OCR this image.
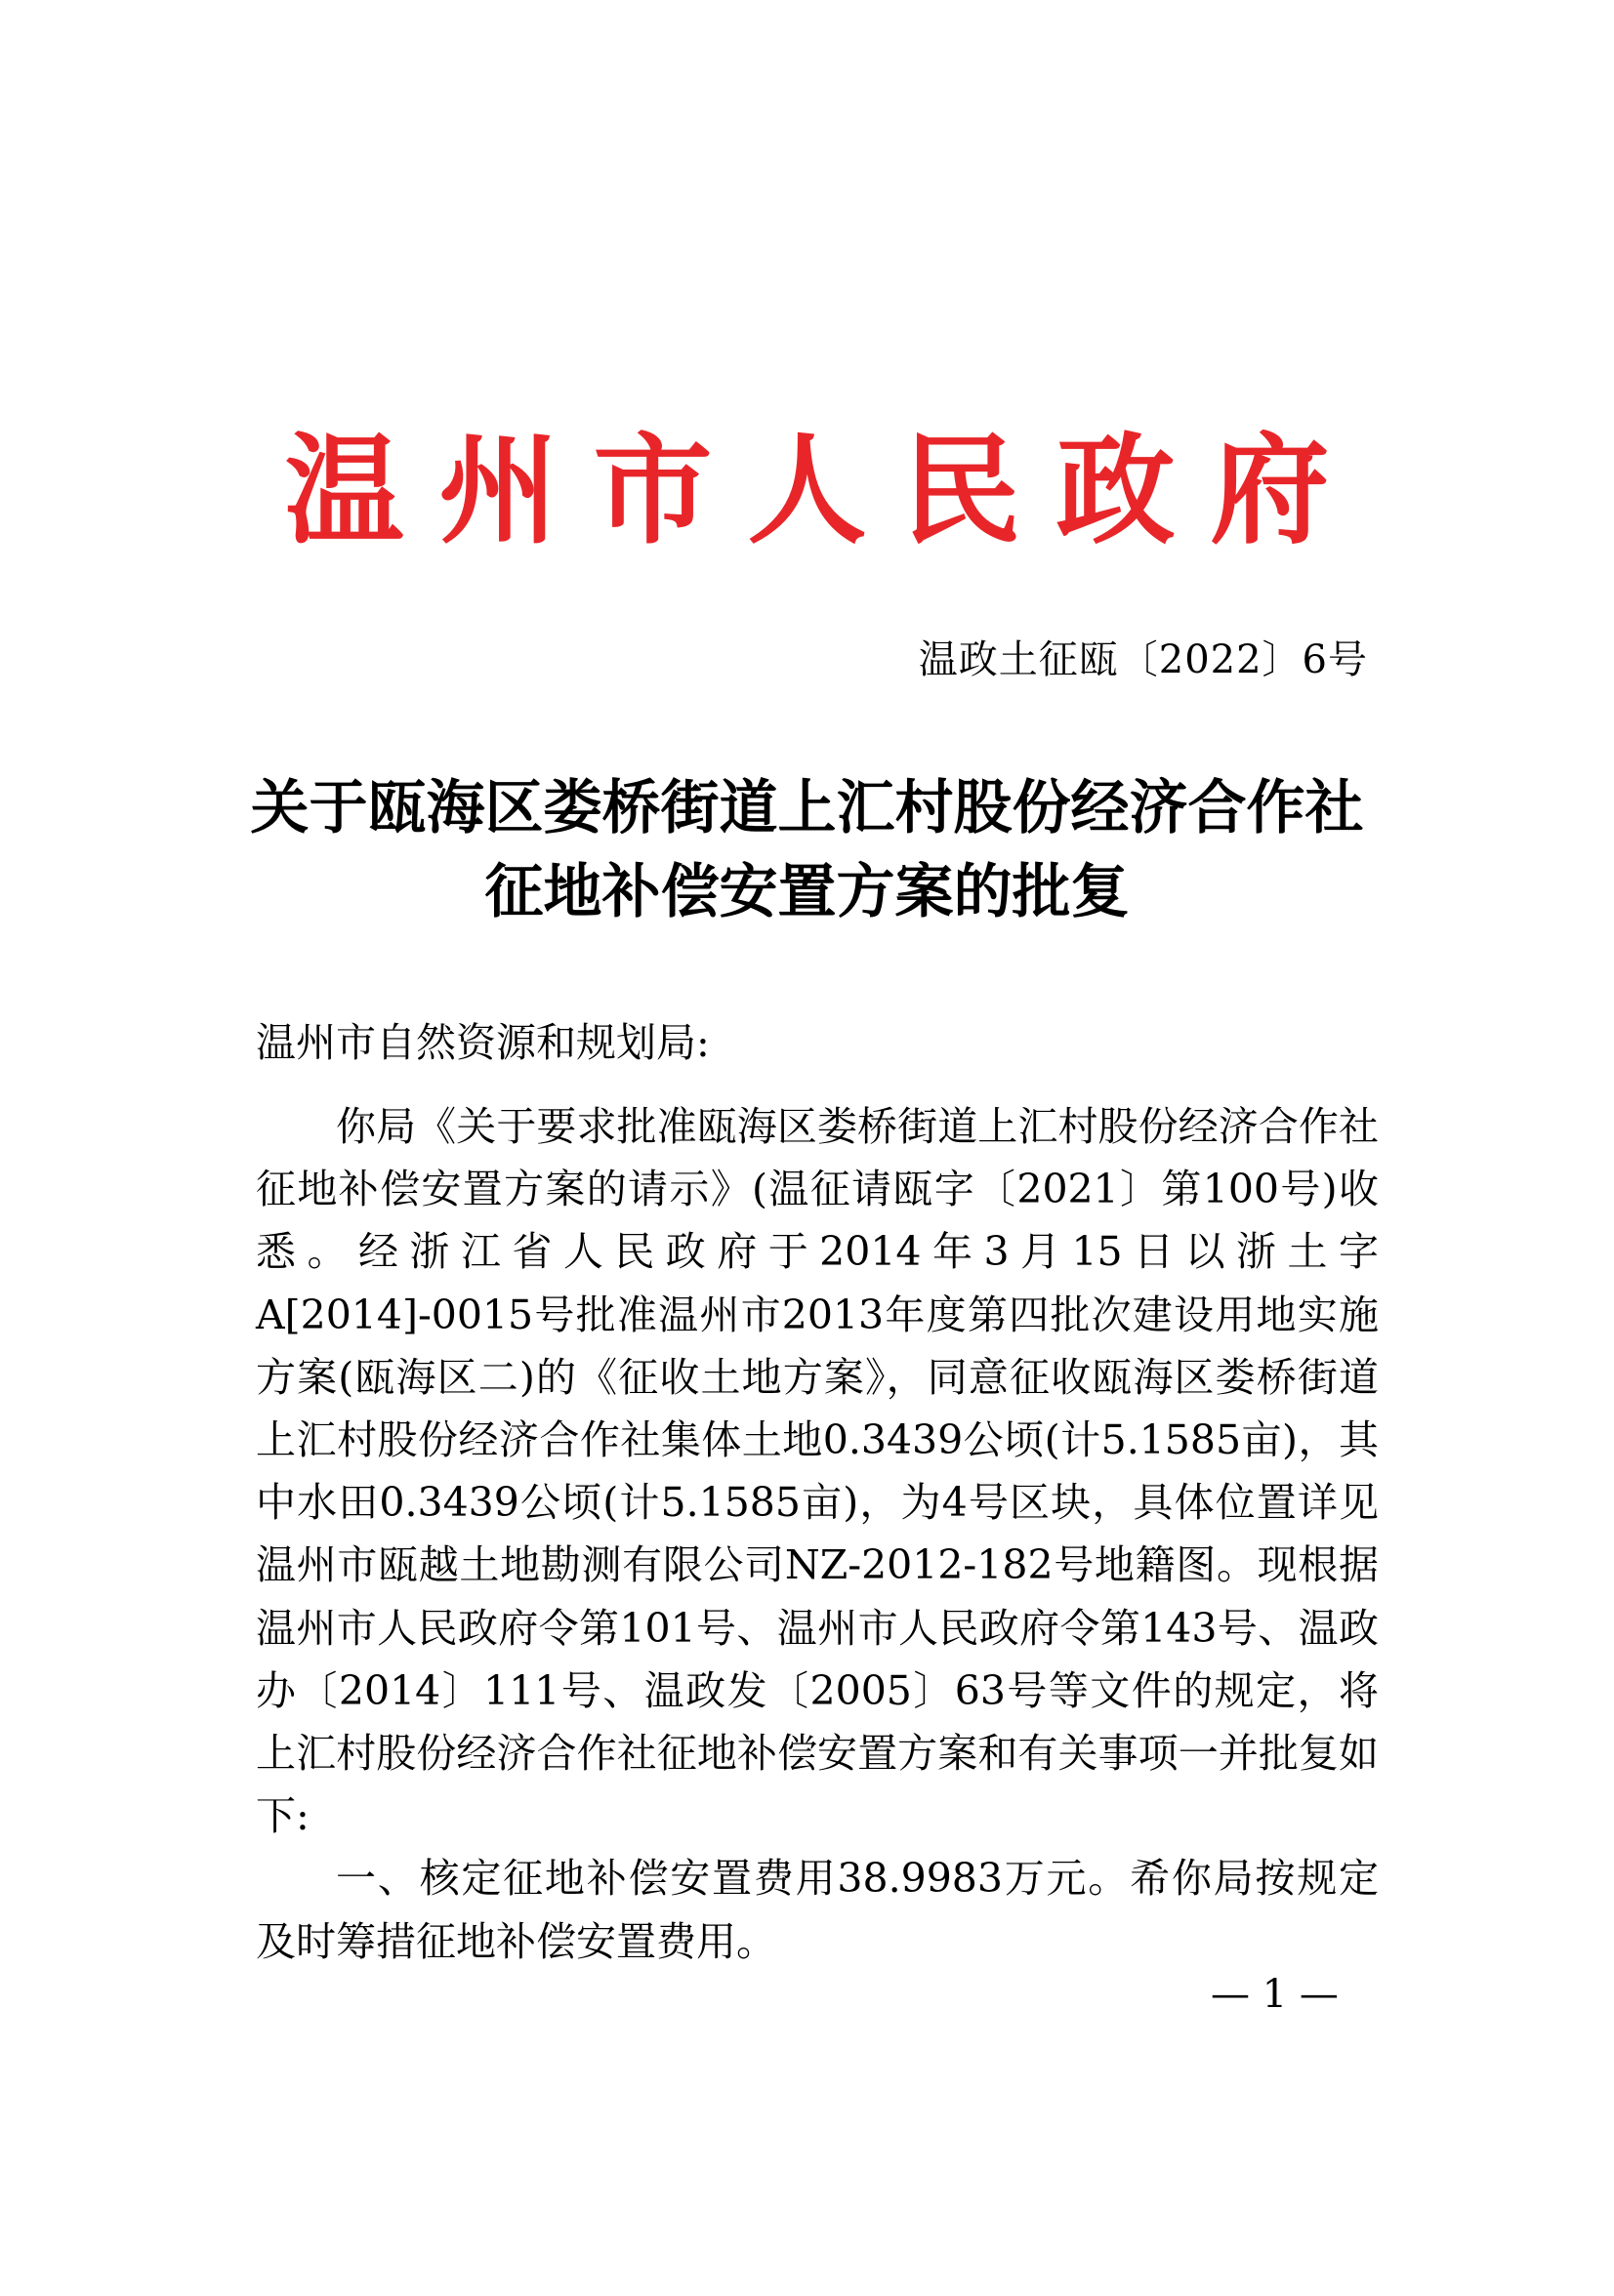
温州市人民政府
温政土征瓯〔2022〕6号
关于瓯海区娄桥街道上汇村股份经济合作社
征地补偿安置方案的批复
温州市自然资源和规划局:

你局《关于要求批准瓯海区娄桥街道上汇村股份经济合作社征地补偿安置方案的请示》(温征请瓯字〔2021〕第100号)收悉。经浙江省人民政府于2014年3月15日以浙土字A[2014]-0015号批准温州市2013年度第四批次建设用地实施方案(瓯海区二)的《征收土地方案》，同意征收瓯海区娄桥街道上汇村股份经济合作社集体土地0.3439公顷(计5.1585亩)，其中水田0.3439公顷(计5.1585亩)，为4号区块，具体位置详见温州市瓯越土地勘测有限公司NZ-2012-182号地籍图。现根据温州市人民政府令第101号、温州市人民政府令第143号、温政办〔2014〕111号、温政发〔2005〕63号等文件的规定，将上汇村股份经济合作社征地补偿安置方案和有关事项一并批复如下:

一、核定征地补偿安置费用38.9983万元。希你局按规定及时筹措征地补偿安置费用。

— 1 —
